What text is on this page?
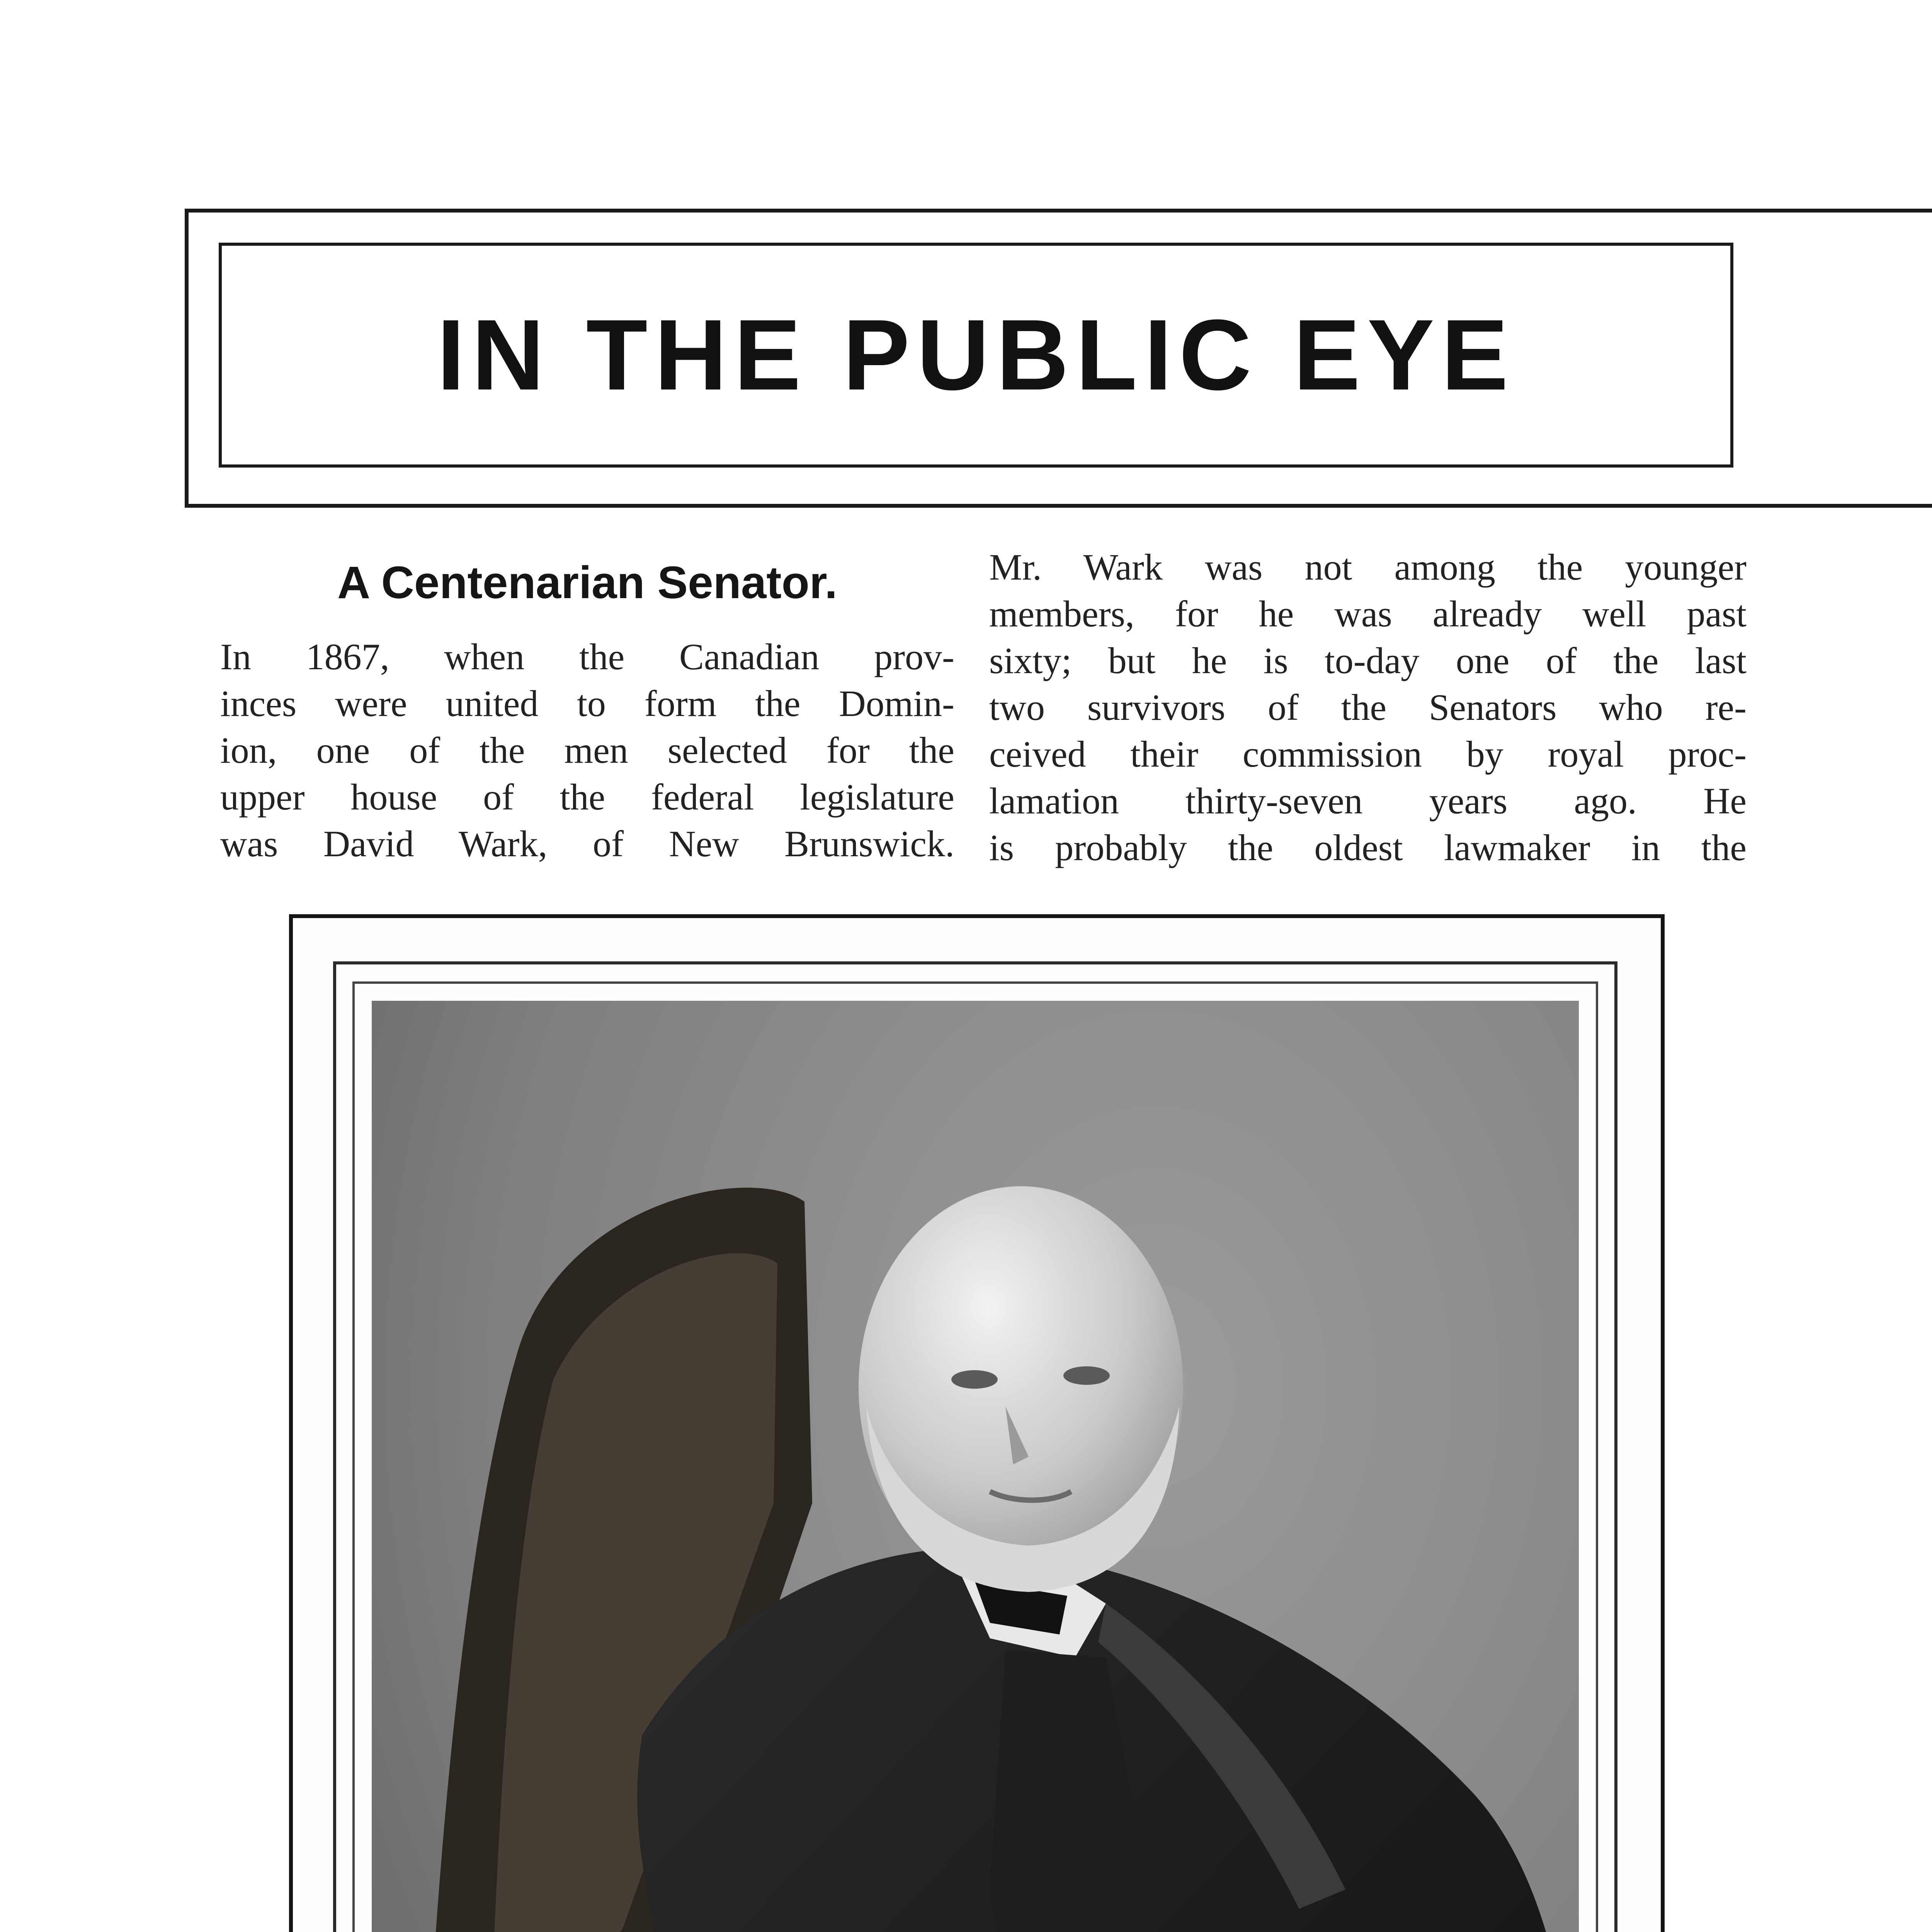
IN THE PUBLIC EYE
A Centenarian Senator.
In 1867, when the Canadian prov-
inces were united to form the Domin-
ion, one of the men selected for the
upper house of the federal legislature
was David Wark, of New Brunswick.
Mr. Wark was not among the younger
members, for he was already well past
sixty; but he is to-day one of the last
two survivors of the Senators who re-
ceived their commission by royal proc-
lamation thirty-seven years ago. He
is probably the oldest lawmaker in the
